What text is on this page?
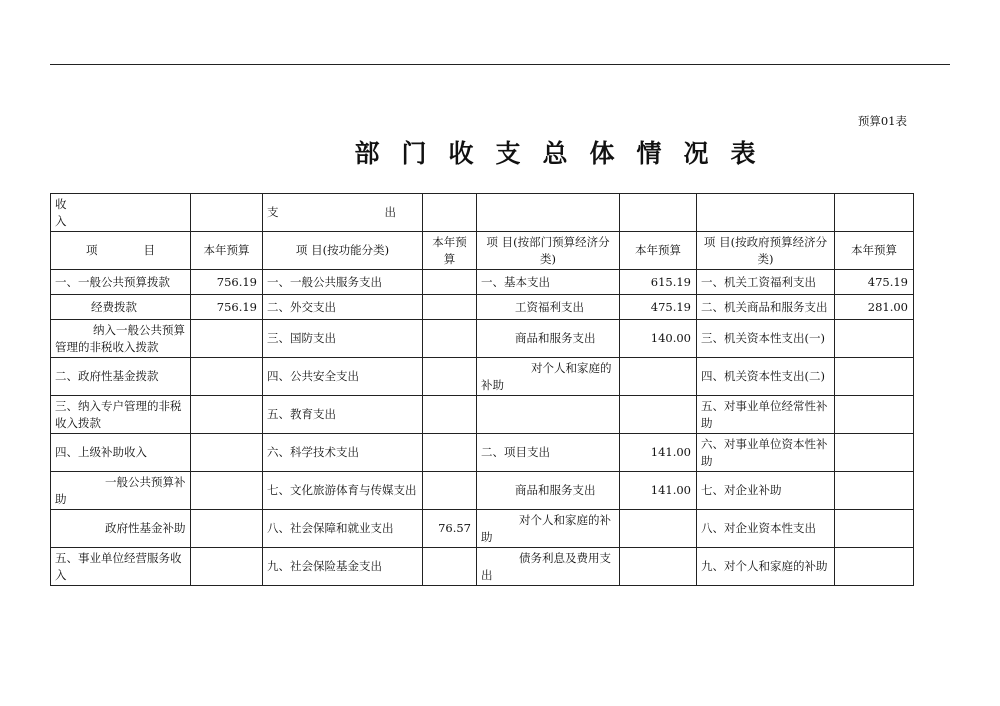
预算01表
部门收支总体情况表
收入		支 出					

项　　　　目	本年预算	项 目(按功能分类)	本年预算	项 目(按部门预算经济分类)	本年预算	项 目(按政府预算经济分类)	本年预算
一、一般公共预算拨款	756.19	一、一般公共服务支出		一、基本支出	615.19	一、机关工资福利支出	475.19
经费拨款	756.19	二、外交支出		工资福利支出	475.19	二、机关商品和服务支出	281.00
纳入一般公共预算管理的非税收入拨款		三、国防支出		商品和服务支出	140.00	三、机关资本性支出(一)	
二、政府性基金拨款		四、公共安全支出		对个人和家庭的补助		四、机关资本性支出(二)	
三、纳入专户管理的非税收入拨款		五、教育支出				五、对事业单位经常性补助	
四、上级补助收入		六、科学技术支出		二、项目支出	141.00	六、对事业单位资本性补助	
一般公共预算补助		七、文化旅游体育与传媒支出		商品和服务支出	141.00	七、对企业补助	
政府性基金补助		八、社会保障和就业支出	76.57	对个人和家庭的补助		八、对企业资本性支出	
五、事业单位经营服务收入		九、社会保险基金支出		债务利息及费用支出		九、对个人和家庭的补助	
